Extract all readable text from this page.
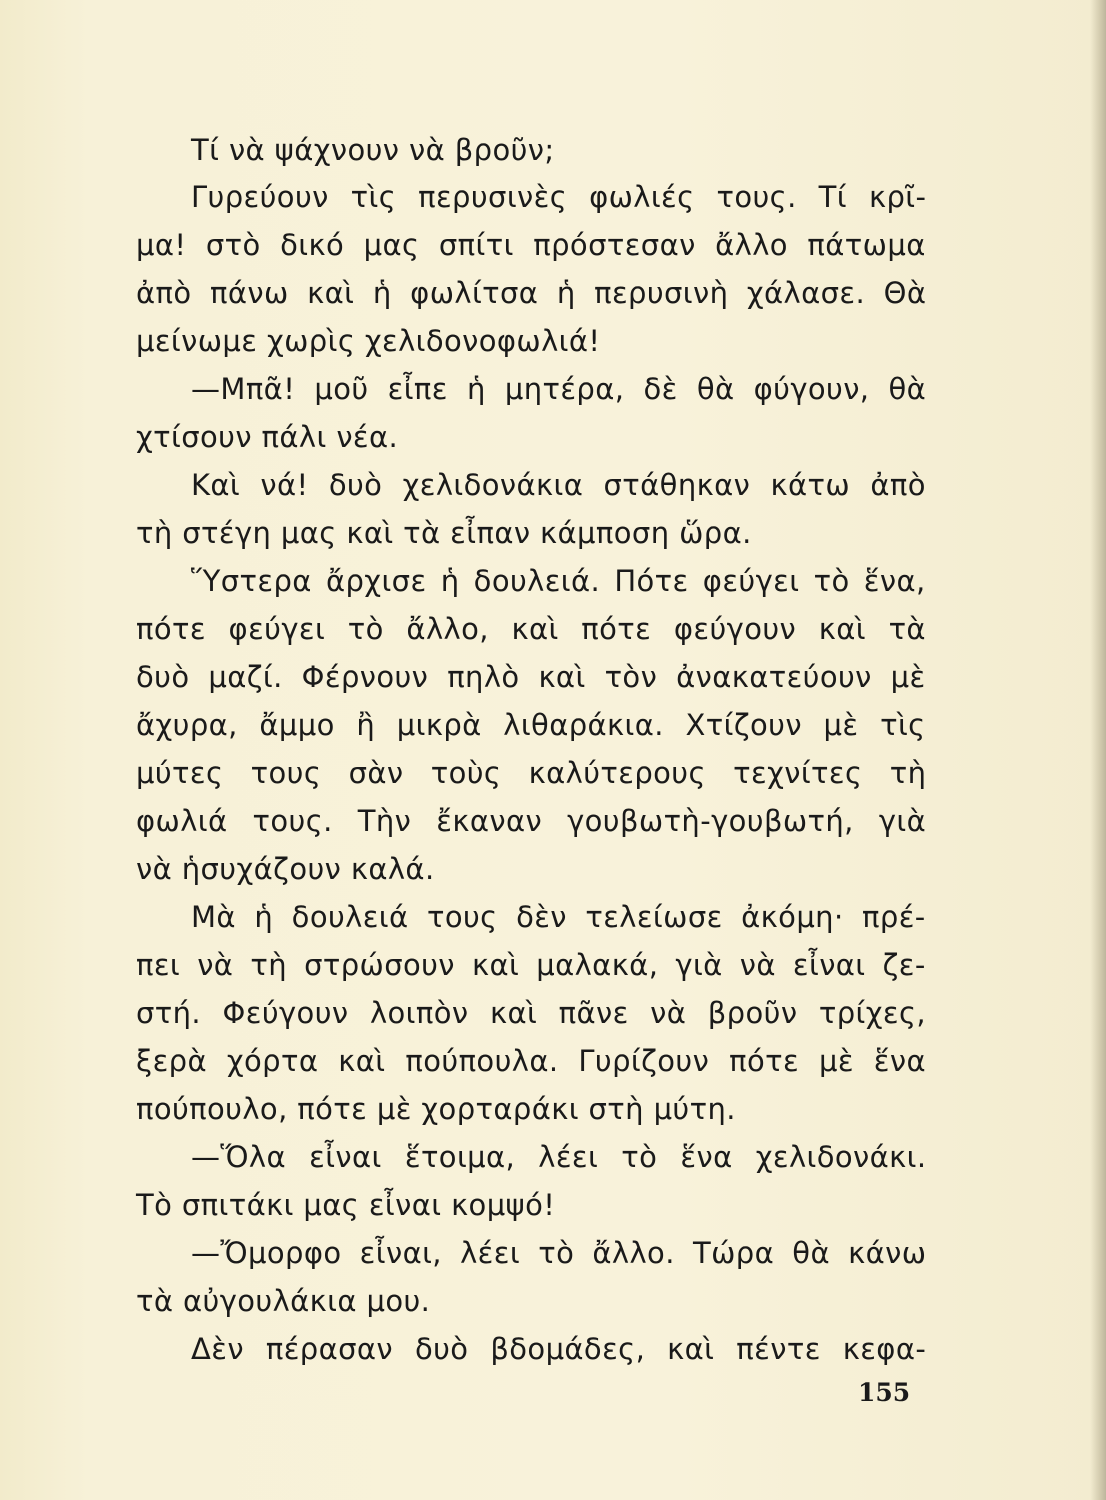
Τί νὰ ψάχνουν νὰ βροῦν;
Γυρεύουν τὶς περυσινὲς φωλιές τους. Τί κρῖ-
μα! στὸ δικό μας σπίτι πρόστεσαν ἄλλο πάτωμα
ἀπὸ πάνω καὶ ἡ φωλίτσα ἡ περυσινὴ χάλασε. Θὰ
μείνωμε χωρὶς χελιδονοφωλιά!
—Μπᾶ! μοῦ εἶπε ἡ μητέρα, δὲ θὰ φύγουν, θὰ
χτίσουν πάλι νέα.
Καὶ νά! δυὸ χελιδονάκια στάθηκαν κάτω ἀπὸ
τὴ στέγη μας καὶ τὰ εἶπαν κάμποση ὥρα.
Ὕστερα ἄρχισε ἡ δουλειά. Πότε φεύγει τὸ ἕνα,
πότε φεύγει τὸ ἄλλο, καὶ πότε φεύγουν καὶ τὰ
δυὸ μαζί. Φέρνουν πηλὸ καὶ τὸν ἀνακατεύουν μὲ
ἄχυρα, ἄμμο ἢ μικρὰ λιθαράκια. Χτίζουν μὲ τὶς
μύτες τους σὰν τοὺς καλύτερους τεχνίτες τὴ
φωλιά τους. Τὴν ἔκαναν γουβωτὴ-γουβωτή, γιὰ
νὰ ἡσυχάζουν καλά.
Μὰ ἡ δουλειά τους δὲν τελείωσε ἀκόμη· πρέ-
πει νὰ τὴ στρώσουν καὶ μαλακά, γιὰ νὰ εἶναι ζε-
στή. Φεύγουν λοιπὸν καὶ πᾶνε νὰ βροῦν τρίχες,
ξερὰ χόρτα καὶ πούπουλα. Γυρίζουν πότε μὲ ἕνα
πούπουλο, πότε μὲ χορταράκι στὴ μύτη.
—Ὅλα εἶναι ἕτοιμα, λέει τὸ ἕνα χελιδονάκι.
Τὸ σπιτάκι μας εἶναι κομψό!
—Ὄμορφο εἶναι, λέει τὸ ἄλλο. Τώρα θὰ κάνω
τὰ αὐγουλάκια μου.
Δὲν πέρασαν δυὸ βδομάδες, καὶ πέντε κεφα-
155
